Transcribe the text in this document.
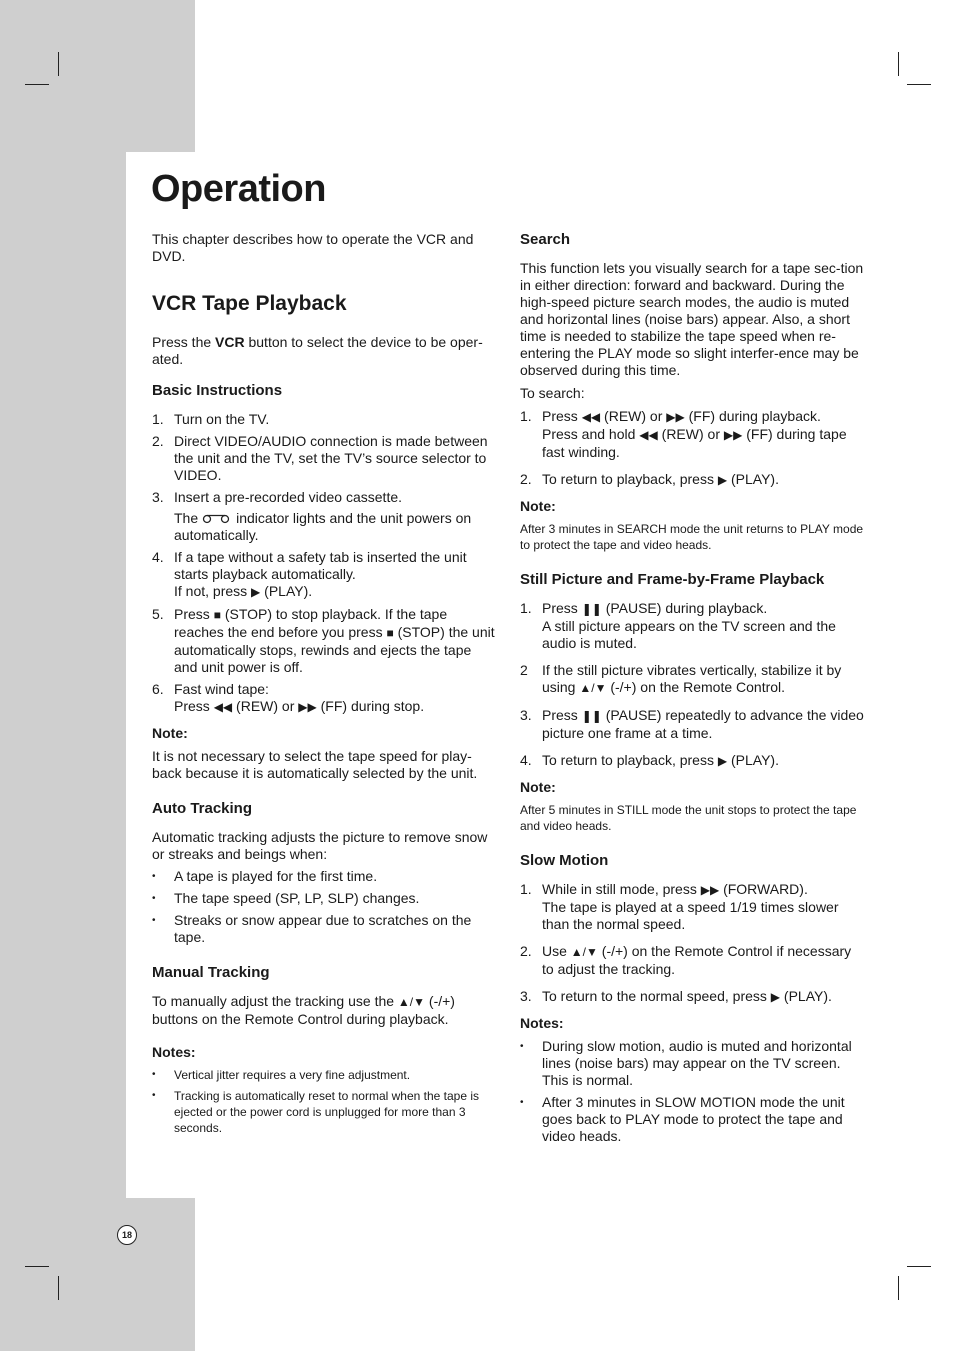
Operation

This chapter describes how to operate the VCR and DVD.

VCR Tape Playback

Press the VCR button to select the device to be oper-ated.

Basic Instructions
1. Turn on the TV.
2. Direct VIDEO/AUDIO connection is made between the unit and the TV, set the TV’s source selector to VIDEO.
3. Insert a pre-recorded video cassette.
The	indicator lights and the unit powers on automatically.
4. If a tape without a safety tab is inserted the unit starts playback automatically.
If not, press ▶ (PLAY).
5. Press ■ (STOP) to stop playback. If the tape reaches the end before you press ■ (STOP) the unit automatically stops, rewinds and ejects the tape and unit power is off.
6. Fast wind tape:
Press ◀◀ (REW) or ▶▶ (FF) during stop.
Note:

It is not necessary to select the tape speed for play-back because it is automatically selected by the unit.

Auto Tracking

Automatic tracking adjusts the picture to remove snow or streaks and beings when:

• A tape is played for the first time.
• The tape speed (SP, LP, SLP) changes.
• Streaks or snow appear due to scratches on the tape.
Manual Tracking

To manually adjust the tracking use the ▲/▼ (-/+) buttons on the Remote Control during playback.

Notes:
• Vertical jitter requires a very fine adjustment.
• Tracking is automatically reset to normal when the tape is ejected or the power cord is unplugged for more than 3 seconds.
Search

This function lets you visually search for a tape sec-tion in either direction: forward and backward. During the high-speed picture search modes, the audio is muted and horizontal lines (noise bars) appear. Also, a short time is needed to stabilize the tape speed when re-entering the PLAY mode so slight interfer-ence may be observed during this time.

To search:

1. Press ◀◀ (REW) or ▶▶ (FF) during playback.
Press and hold ◀◀ (REW) or ▶▶ (FF) during tape fast winding.
2. To return to playback, press ▶ (PLAY).
Note:

After 3 minutes in SEARCH mode the unit returns to PLAY mode to protect the tape and video heads.

Still Picture and Frame-by-Frame Playback
1. Press ❚❚ (PAUSE) during playback.
A still picture appears on the TV screen and the audio is muted.
2 If the still picture vibrates vertically, stabilize it by using ▲/▼ (-/+) on the Remote Control.
3. Press ❚❚ (PAUSE) repeatedly to advance the video picture one frame at a time.
4. To return to playback, press ▶ (PLAY).
Note:

After 5 minutes in STILL mode the unit stops to protect the tape and video heads.

Slow Motion
1. While in still mode, press ▶▶ (FORWARD).
The tape is played at a speed 1/19 times slower than the normal speed.
2. Use ▲/▼ (-/+) on the Remote Control if necessary to adjust the tracking.
3. To return to the normal speed, press ▶ (PLAY).
Notes:
• During slow motion, audio is muted and horizontal lines (noise bars) may appear on the TV screen. This is normal.
• After 3 minutes in SLOW MOTION mode the unit goes back to PLAY mode to protect the tape and video heads.
18
